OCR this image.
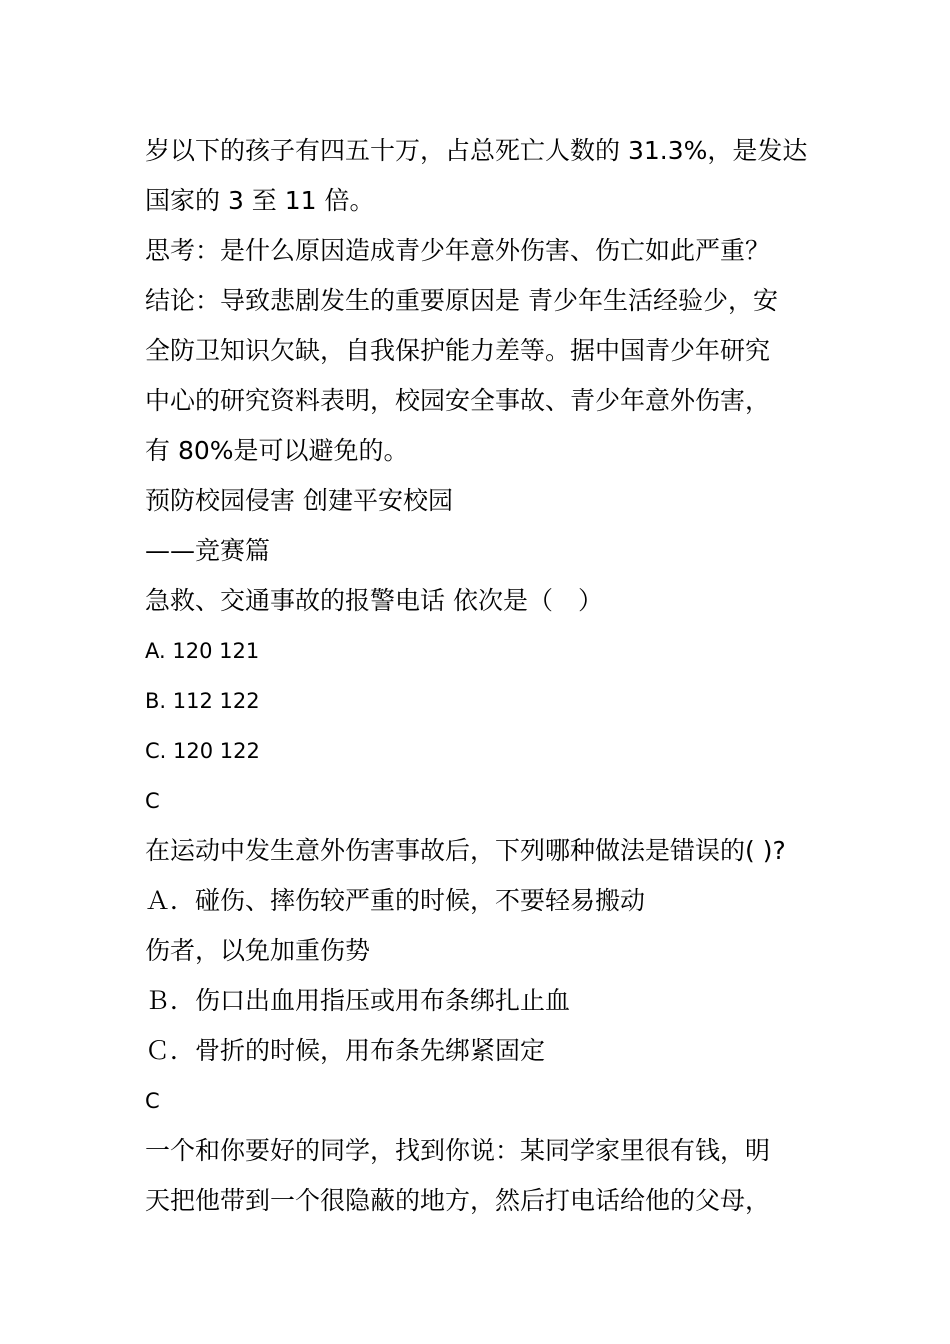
岁以下的孩子有四五十万，占总死亡人数的 31.3%，是发达
国家的 3 至 11 倍。
思考：是什么原因造成青少年意外伤害、伤亡如此严重？
结论：导致悲剧发生的重要原因是 青少年生活经验少，安
全防卫知识欠缺，自我保护能力差等。据中国青少年研究
中心的研究资料表明，校园安全事故、青少年意外伤害，
有 80%是可以避免的。
预防校园侵害 创建平安校园
——竞赛篇
急救、交通事故的报警电话 依次是（　）
A. 120 121
B. 112 122
C. 120 122
C
在运动中发生意外伤害事故后，下列哪种做法是错误的( )?
Ａ．碰伤、摔伤较严重的时候，不要轻易搬动
伤者，以免加重伤势
Ｂ．伤口出血用指压或用布条绑扎止血
Ｃ．骨折的时候，用布条先绑紧固定
C
一个和你要好的同学，找到你说：某同学家里很有钱，明
天把他带到一个很隐蔽的地方，然后打电话给他的父母，
